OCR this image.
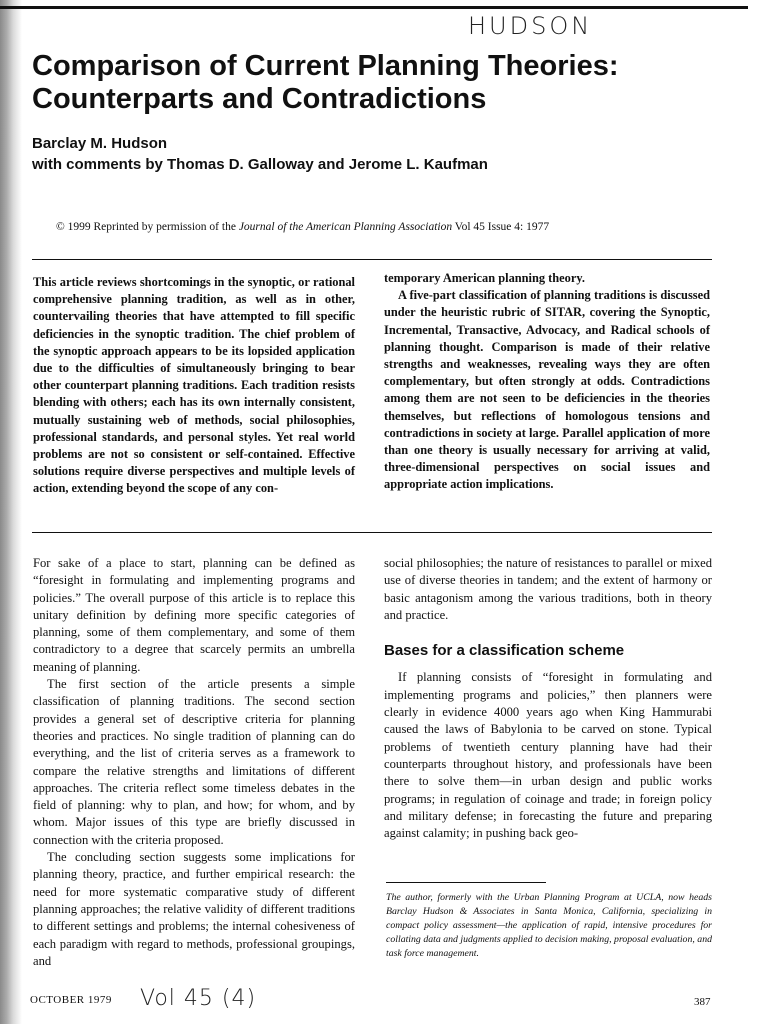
HUDSON
Comparison of Current Planning Theories:
Counterparts and Contradictions
Barclay M. Hudson
with comments by Thomas D. Galloway and Jerome L. Kaufman
© 1999 Reprinted by permission of the Journal of the American Planning Association Vol 45 Issue 4: 1977

This article reviews shortcomings in the synoptic, or rational comprehensive planning tradition, as well as in other, countervailing theories that have attempted to fill specific deficiencies in the synoptic tradition. The chief problem of the synoptic approach appears to be its lopsided application due to the difficulties of simultaneously bringing to bear other counterpart planning traditions. Each tradition resists blending with others; each has its own internally consistent, mutually sustaining web of methods, social philosophies, professional standards, and personal styles. Yet real world problems are not so consistent or self-contained. Effective solutions require diverse perspectives and multiple levels of action, extending beyond the scope of any con-

temporary American planning theory.

A five-part classification of planning traditions is discussed under the heuristic rubric of SITAR, covering the Synoptic, Incremental, Transactive, Advocacy, and Radical schools of planning thought. Comparison is made of their relative strengths and weaknesses, revealing ways they are often complementary, but often strongly at odds. Contradictions among them are not seen to be deficiencies in the theories themselves, but reflections of homologous tensions and contradictions in society at large. Parallel application of more than one theory is usually necessary for arriving at valid, three-dimensional perspectives on social issues and appropriate action implications.

For sake of a place to start, planning can be defined as “foresight in formulating and implementing programs and policies.” The overall purpose of this article is to replace this unitary definition by defining more specific categories of planning, some of them complementary, and some of them contradictory to a degree that scarcely permits an umbrella meaning of planning.

The first section of the article presents a simple classification of planning traditions. The second section provides a general set of descriptive criteria for planning theories and practices. No single tradition of planning can do everything, and the list of criteria serves as a framework to compare the relative strengths and limitations of different approaches. The criteria reflect some timeless debates in the field of planning: why to plan, and how; for whom, and by whom. Major issues of this type are briefly discussed in connection with the criteria proposed.

The concluding section suggests some implications for planning theory, practice, and further empirical research: the need for more systematic comparative study of different planning approaches; the relative validity of different traditions to different settings and problems; the internal cohesiveness of each paradigm with regard to methods, professional groupings, and

social philosophies; the nature of resistances to parallel or mixed use of diverse theories in tandem; and the extent of harmony or basic antagonism among the various traditions, both in theory and practice.

Bases for a classification scheme

If planning consists of “foresight in formulating and implementing programs and policies,” then planners were clearly in evidence 4000 years ago when King Hammurabi caused the laws of Babylonia to be carved on stone. Typical problems of twentieth century planning have had their counterparts throughout history, and professionals have been there to solve them—in urban design and public works programs; in regulation of coinage and trade; in foreign policy and military defense; in forecasting the future and preparing against calamity; in pushing back geo-

The author, formerly with the Urban Planning Program at UCLA, now heads Barclay Hudson & Associates in Santa Monica, California, specializing in compact policy assessment—the application of rapid, intensive procedures for collating data and judgments applied to decision making, proposal evaluation, and task force management.

OCTOBER 1979 Vol 45 (4)	387
